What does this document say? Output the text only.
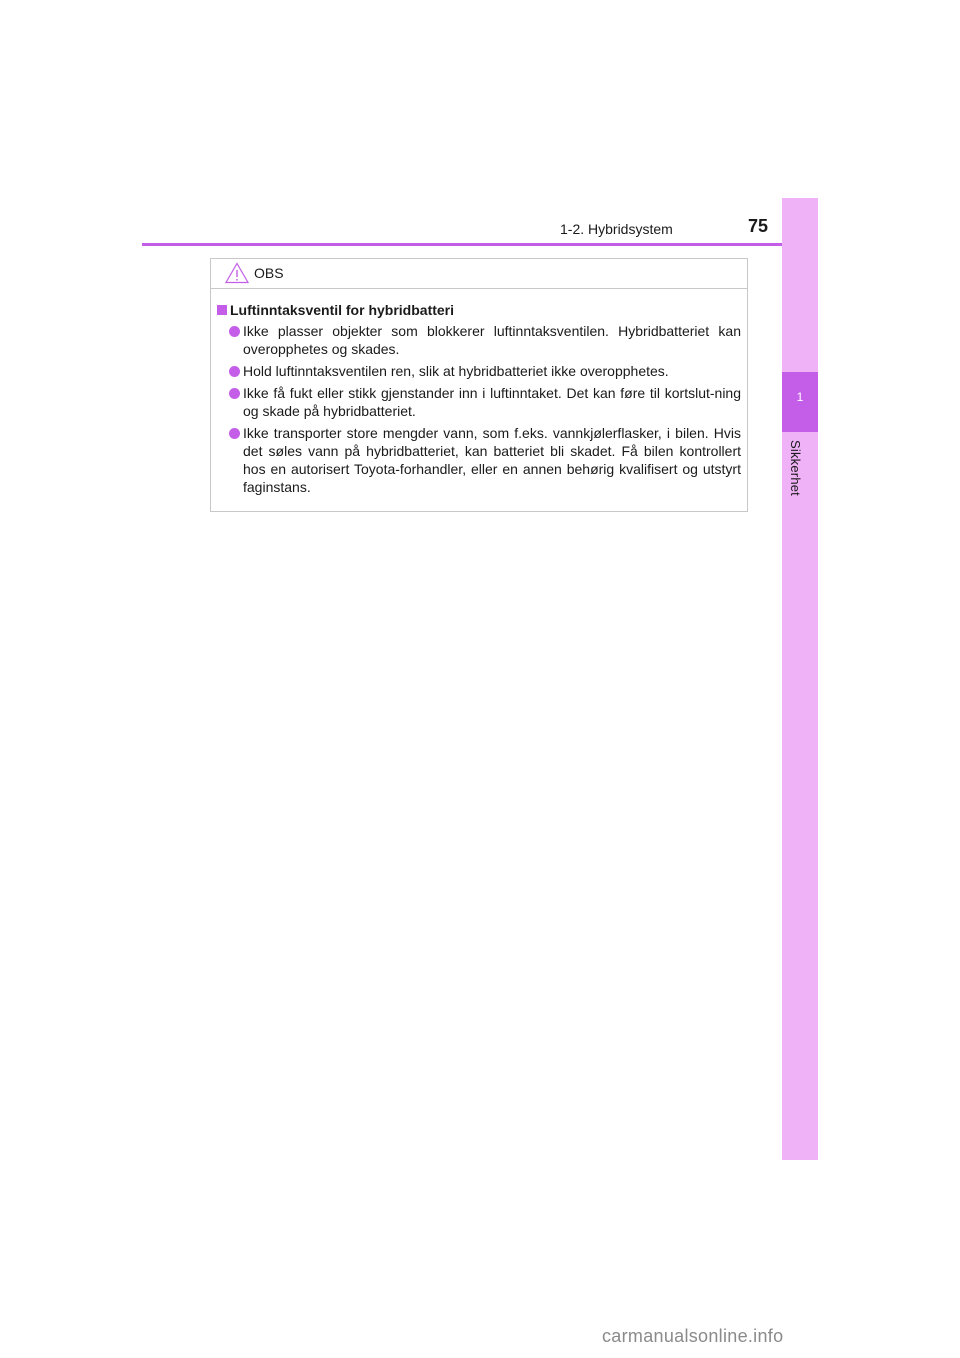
1-2. Hybridsystem	75
1
Sikkerhet
OBS
Luftinntaksventil for hybridbatteri
Ikke plasser objekter som blokkerer luftinntaksventilen. Hybridbatteriet kan overopphetes og skades.
Hold luftinntaksventilen ren, slik at hybridbatteriet ikke overopphetes.
Ikke få fukt eller stikk gjenstander inn i luftinntaket. Det kan føre til kortslut-ning og skade på hybridbatteriet.
Ikke transporter store mengder vann, som f.eks. vannkjølerflasker, i bilen. Hvis det søles vann på hybridbatteriet, kan batteriet bli skadet. Få bilen kontrollert hos en autorisert Toyota-forhandler, eller en annen behørig kvalifisert og utstyrt faginstans.
carmanualsonline.info
